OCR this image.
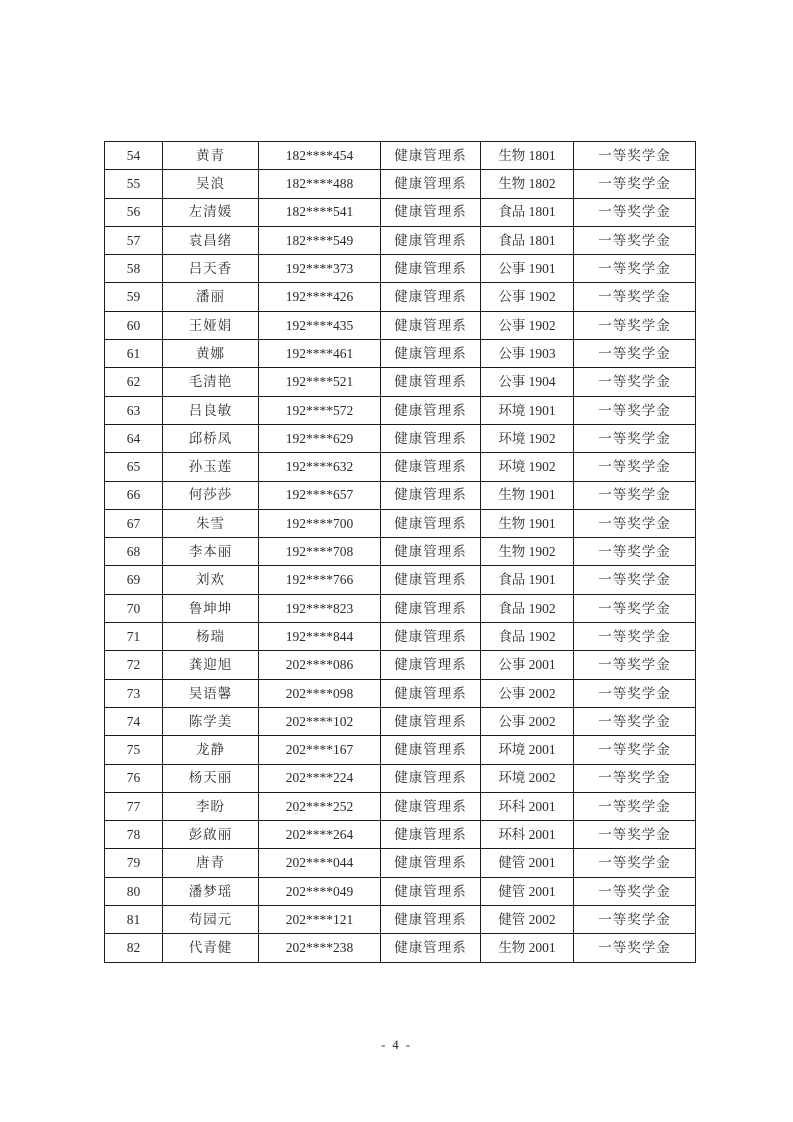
54	黄青	182****454	健康管理系	生物 1801	一等奖学金
55	吴浪	182****488	健康管理系	生物 1802	一等奖学金
56	左清媛	182****541	健康管理系	食品 1801	一等奖学金
57	袁昌绪	182****549	健康管理系	食品 1801	一等奖学金
58	吕天香	192****373	健康管理系	公事 1901	一等奖学金
59	潘丽	192****426	健康管理系	公事 1902	一等奖学金
60	王娅娟	192****435	健康管理系	公事 1902	一等奖学金
61	黄娜	192****461	健康管理系	公事 1903	一等奖学金
62	毛清艳	192****521	健康管理系	公事 1904	一等奖学金
63	吕良敏	192****572	健康管理系	环境 1901	一等奖学金
64	邱桥凤	192****629	健康管理系	环境 1902	一等奖学金
65	孙玉莲	192****632	健康管理系	环境 1902	一等奖学金
66	何莎莎	192****657	健康管理系	生物 1901	一等奖学金
67	朱雪	192****700	健康管理系	生物 1901	一等奖学金
68	李本丽	192****708	健康管理系	生物 1902	一等奖学金
69	刘欢	192****766	健康管理系	食品 1901	一等奖学金
70	鲁坤坤	192****823	健康管理系	食品 1902	一等奖学金
71	杨瑞	192****844	健康管理系	食品 1902	一等奖学金
72	龚迎旭	202****086	健康管理系	公事 2001	一等奖学金
73	吴语馨	202****098	健康管理系	公事 2002	一等奖学金
74	陈学美	202****102	健康管理系	公事 2002	一等奖学金
75	龙静	202****167	健康管理系	环境 2001	一等奖学金
76	杨天丽	202****224	健康管理系	环境 2002	一等奖学金
77	李盼	202****252	健康管理系	环科 2001	一等奖学金
78	彭啟丽	202****264	健康管理系	环科 2001	一等奖学金
79	唐青	202****044	健康管理系	健管 2001	一等奖学金
80	潘梦瑶	202****049	健康管理系	健管 2001	一等奖学金
81	苟园元	202****121	健康管理系	健管 2002	一等奖学金
82	代青健	202****238	健康管理系	生物 2001	一等奖学金
- 4 -
